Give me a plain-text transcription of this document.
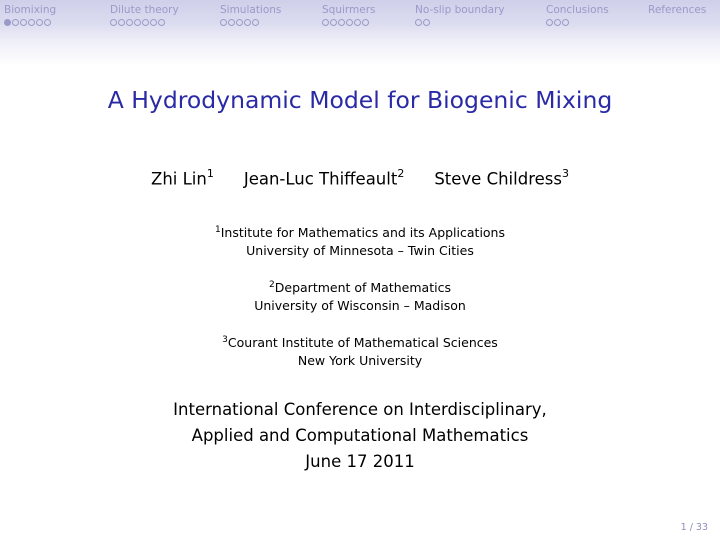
Biomixing	Dilute theory	Simulations	Squirmers	No-slip boundary	Conclusions	References
A Hydrodynamic Model for Biogenic Mixing
Zhi Lin$^1$ Jean-Luc Thiffeault$^2$ Steve Childress$^3$
$^1$Institute for Mathematics and its Applications
University of Minnesota – Twin Cities
$^2$Department of Mathematics
University of Wisconsin – Madison
$^3$Courant Institute of Mathematical Sciences
New York University
International Conference on Interdisciplinary,
Applied and Computational Mathematics
June 17 2011
1 / 33
